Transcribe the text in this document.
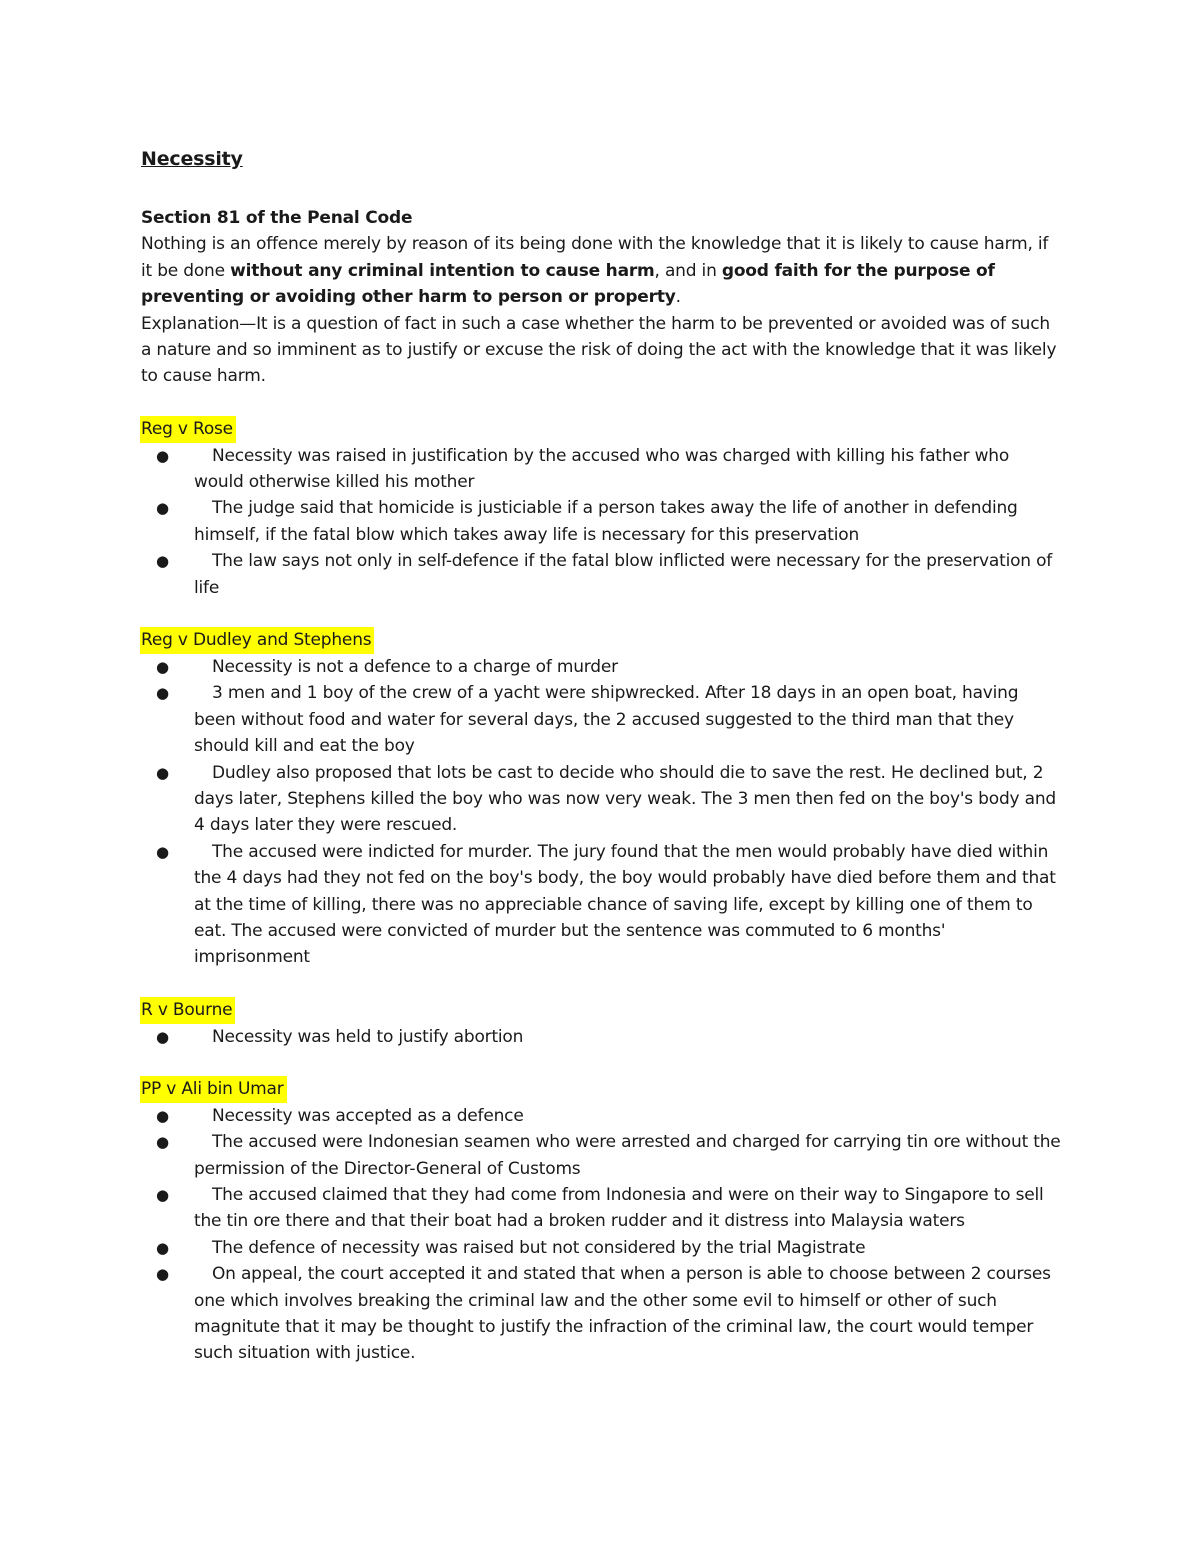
Necessity

Section 81 of the Penal Code

Nothing is an offence merely by reason of its being done with the knowledge that it is likely to cause harm, if it be done without any criminal intention to cause harm, and in good faith for the purpose of preventing or avoiding other harm to person or property.

Explanation—It is a question of fact in such a case whether the harm to be prevented or avoided was of such a nature and so imminent as to justify or excuse the risk of doing the act with the knowledge that it was likely to cause harm.

Reg v Rose
●	Necessity was raised in justification by the accused who was charged with killing his father who would otherwise killed his mother
●	The judge said that homicide is justiciable if a person takes away the life of another in defending himself, if the fatal blow which takes away life is necessary for this preservation
●	The law says not only in self-defence if the fatal blow inflicted were necessary for the preservation of life
Reg v Dudley and Stephens
●	Necessity is not a defence to a charge of murder
●	3 men and 1 boy of the crew of a yacht were shipwrecked. After 18 days in an open boat, having been without food and water for several days, the 2 accused suggested to the third man that they should kill and eat the boy
●	Dudley also proposed that lots be cast to decide who should die to save the rest. He declined but, 2 days later, Stephens killed the boy who was now very weak. The 3 men then fed on the boy's body and 4 days later they were rescued.
●	The accused were indicted for murder. The jury found that the men would probably have died within the 4 days had they not fed on the boy's body, the boy would probably have died before them and that at the time of killing, there was no appreciable chance of saving life, except by killing one of them to eat. The accused were convicted of murder but the sentence was commuted to 6 months' imprisonment
R v Bourne
●	Necessity was held to justify abortion
PP v Ali bin Umar
●	Necessity was accepted as a defence
●	The accused were Indonesian seamen who were arrested and charged for carrying tin ore without the permission of the Director-General of Customs
●	The accused claimed that they had come from Indonesia and were on their way to Singapore to sell the tin ore there and that their boat had a broken rudder and it distress into Malaysia waters
●	The defence of necessity was raised but not considered by the trial Magistrate
●	On appeal, the court accepted it and stated that when a person is able to choose between 2 courses one which involves breaking the criminal law and the other some evil to himself or other of such magnitute that it may be thought to justify the infraction of the criminal law, the court would temper such situation with justice.
